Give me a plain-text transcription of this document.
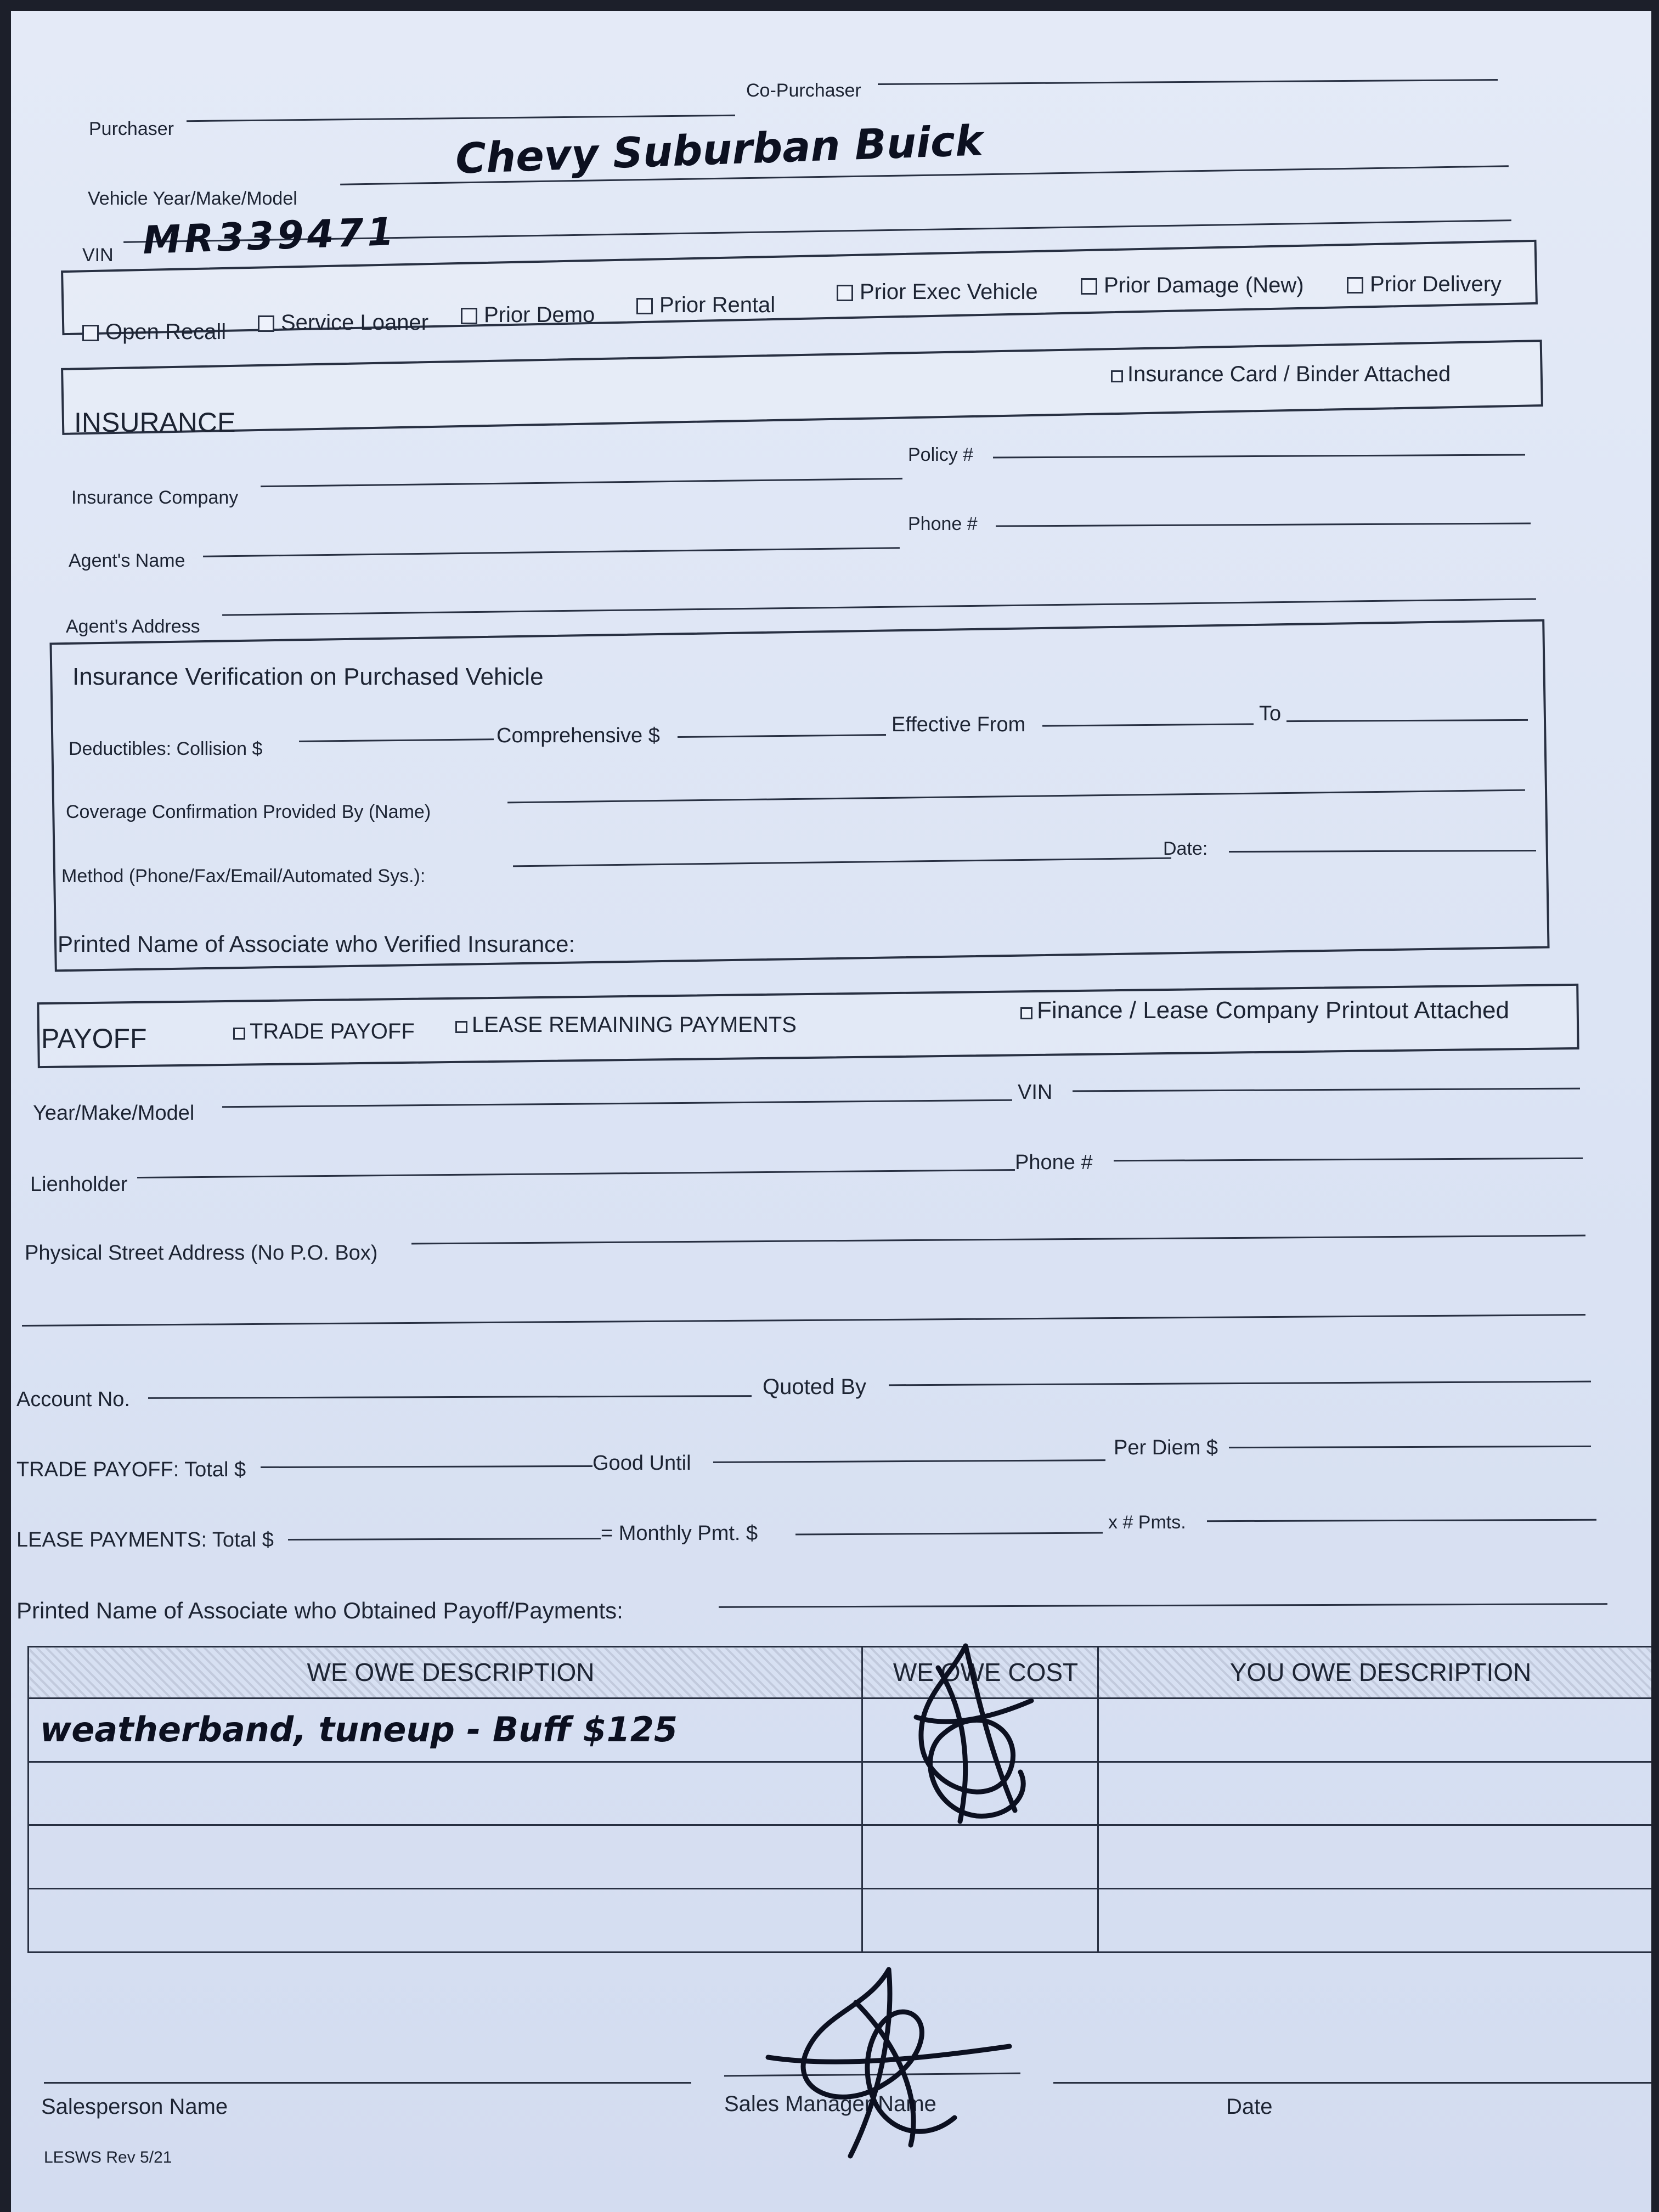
Purchaser
Co-Purchaser
Vehicle Year/Make/Model
Chevy Suburban Buick
VIN MR339471
Open Recall	Service Loaner	Prior Demo	Prior Rental
Prior Exec Vehicle	Prior Damage (New)	Prior Delivery
INSURANCE
Insurance Card / Binder Attached
Insurance Company
Policy #
Agent's Name
Phone #
Agent's Address
Insurance Verification on Purchased Vehicle
Deductibles: Collision $
Comprehensive $	Effective From	To
Coverage Confirmation Provided By (Name)
Method (Phone/Fax/Email/Automated Sys.):
Date:
Printed Name of Associate who Verified Insurance:
PAYOFF	TRADE PAYOFF	LEASE REMAINING PAYMENTS
Finance / Lease Company Printout Attached
Year/Make/Model
VIN
Lienholder
Phone #
Physical Street Address (No P.O. Box)
Account No.
Quoted By
TRADE PAYOFF: Total $	Good Until
Per Diem $
LEASE PAYMENTS: Total $	= Monthly Pmt. $	x # Pmts.
Printed Name of Associate who Obtained Payoff/Payments:
WE OWE DESCRIPTION	WE OWE COST	YOU OWE DESCRIPTION
weatherband, tuneup - Buff $125		

Salesperson Name	Sales Manager Name	Date
LESWS Rev 5/21
